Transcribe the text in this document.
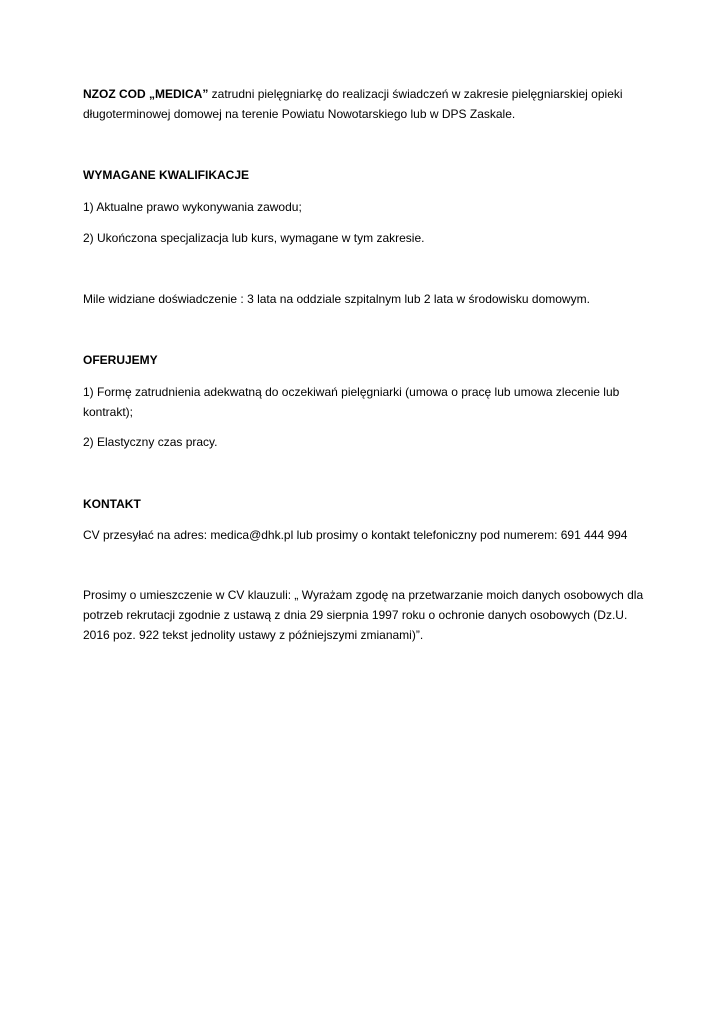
NZOZ COD „MEDICA” zatrudni pielęgniarkę do realizacji świadczeń w zakresie pielęgniarskiej opieki długoterminowej domowej na terenie Powiatu Nowotarskiego lub w DPS Zaskale.

WYMAGANE KWALIFIKACJE

1) Aktualne prawo wykonywania zawodu;

2) Ukończona specjalizacja lub kurs, wymagane w tym zakresie.

Mile widziane doświadczenie : 3 lata na oddziale szpitalnym lub 2 lata w środowisku domowym.

OFERUJEMY

1) Formę zatrudnienia adekwatną do oczekiwań pielęgniarki (umowa o pracę lub umowa zlecenie lub kontrakt);

2) Elastyczny czas pracy.

KONTAKT

CV przesyłać na adres: medica@dhk.pl lub prosimy o kontakt telefoniczny pod numerem: 691 444 994

Prosimy o umieszczenie w CV klauzuli: „ Wyrażam zgodę na przetwarzanie moich danych osobowych dla potrzeb rekrutacji zgodnie z ustawą z dnia 29 sierpnia 1997 roku o ochronie danych osobowych (Dz.U. 2016 poz. 922 tekst jednolity ustawy z późniejszymi zmianami)”.
